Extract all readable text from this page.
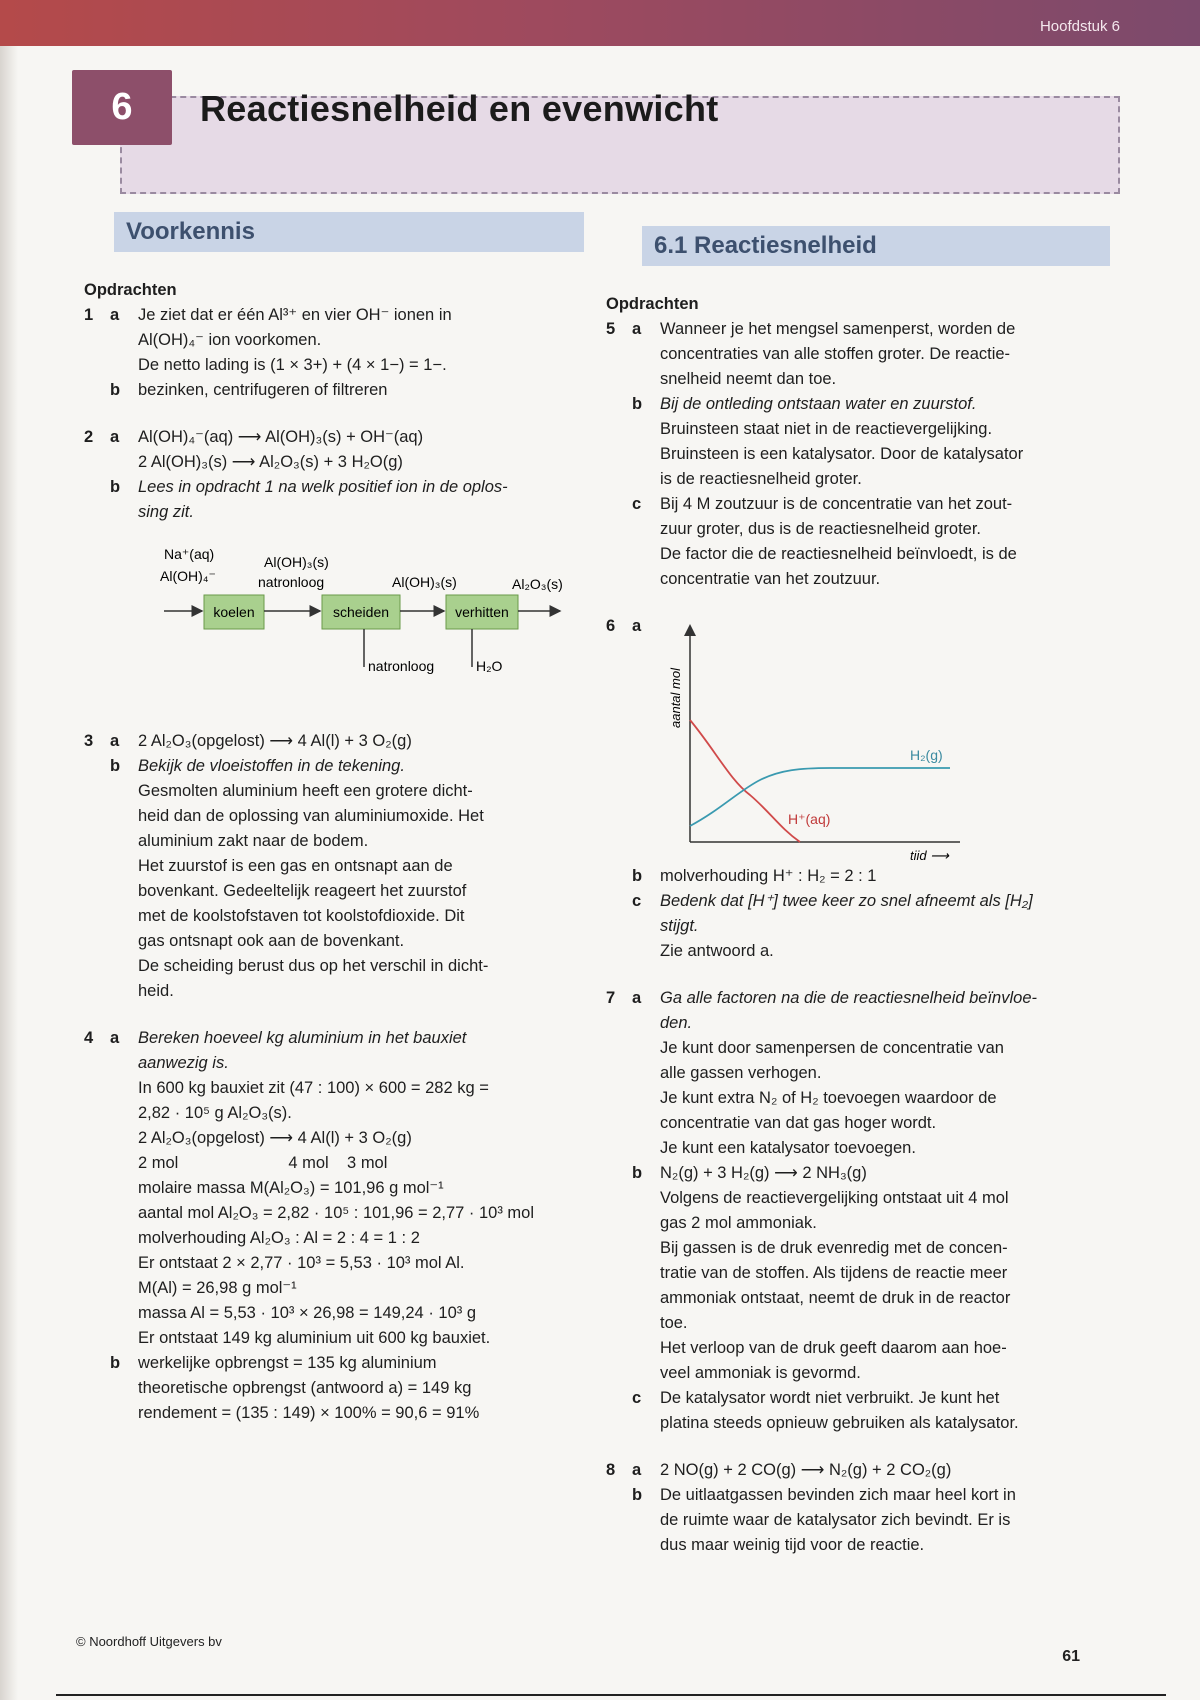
Hoofdstuk 6
6	Reactiesnelheid en evenwicht
Voorkennis
6.1 Reactiesnelheid
Opdrachten
1	a	Je ziet dat er één Al³⁺ en vier OH⁻ ionen in

Al(OH)₄⁻ ion voorkomen.

De netto lading is (1 × 3+) + (4 × 1−) = 1−.

b	bezinken, centrifugeren of filtreren

2	a	Al(OH)₄⁻(aq) ⟶ Al(OH)₃(s) + OH⁻(aq)

2 Al(OH)₃(s) ⟶ Al₂O₃(s) + 3 H₂O(g)

b	Lees in opdracht 1 na welk positief ion in de oplos-

sing zit.

Na⁺(aq)
Al(OH)₄⁻
Al(OH)₃(s)
natronloog	Al(OH)₃(s)	Al₂O₃(s)
koelen	scheiden	verhitten
natronloog	H₂O
3	a	2 Al₂O₃(opgelost) ⟶ 4 Al(l) + 3 O₂(g)

b	Bekijk de vloeistoffen in de tekening.

Gesmolten aluminium heeft een grotere dicht-

heid dan de oplossing van aluminiumoxide. Het

aluminium zakt naar de bodem.

Het zuurstof is een gas en ontsnapt aan de

bovenkant. Gedeeltelijk reageert het zuurstof

met de koolstofstaven tot koolstofdioxide. Dit

gas ontsnapt ook aan de bovenkant.

De scheiding berust dus op het verschil in dicht-

heid.

4	a	Bereken hoeveel kg aluminium in het bauxiet

aanwezig is.

In 600 kg bauxiet zit (47 : 100) × 600 = 282 kg =

2,82 · 10⁵ g Al₂O₃(s).

2 Al₂O₃(opgelost) ⟶ 4 Al(l) + 3 O₂(g)

2 mol                        4 mol    3 mol

molaire massa M(Al₂O₃) = 101,96 g mol⁻¹

aantal mol Al₂O₃ = 2,82 · 10⁵ : 101,96 = 2,77 · 10³ mol

molverhouding Al₂O₃ : Al = 2 : 4 = 1 : 2

Er ontstaat 2 × 2,77 · 10³ = 5,53 · 10³ mol Al.

M(Al) = 26,98 g mol⁻¹

massa Al = 5,53 · 10³ × 26,98 = 149,24 · 10³ g

Er ontstaat 149 kg aluminium uit 600 kg bauxiet.

b	werkelijke opbrengst = 135 kg aluminium

theoretische opbrengst (antwoord a) = 149 kg

rendement = (135 : 149) × 100% = 90,6 = 91%

Opdrachten
5	a	Wanneer je het mengsel samenperst, worden de

concentraties van alle stoffen groter. De reactie-

snelheid neemt dan toe.

b	Bij de ontleding ontstaan water en zuurstof.

Bruinsteen staat niet in de reactievergelijking.

Bruinsteen is een katalysator. Door de katalysator

is de reactiesnelheid groter.

c	Bij 4 M zoutzuur is de concentratie van het zout-

zuur groter, dus is de reactiesnelheid groter.

De factor die de reactiesnelheid beïnvloedt, is de

concentratie van het zoutzuur.

6	a
aantal mol
tijd ⟶
H₂(g)
H⁺(aq)
b	molverhouding H⁺ : H₂ = 2 : 1

c	Bedenk dat [H⁺] twee keer zo snel afneemt als [H₂]

stijgt.

Zie antwoord a.

7	a	Ga alle factoren na die de reactiesnelheid beïnvloe-

den.

Je kunt door samenpersen de concentratie van

alle gassen verhogen.

Je kunt extra N₂ of H₂ toevoegen waardoor de

concentratie van dat gas hoger wordt.

Je kunt een katalysator toevoegen.

b	N₂(g) + 3 H₂(g) ⟶ 2 NH₃(g)

Volgens de reactievergelijking ontstaat uit 4 mol

gas 2 mol ammoniak.

Bij gassen is de druk evenredig met de concen-

tratie van de stoffen. Als tijdens de reactie meer

ammoniak ontstaat, neemt de druk in de reactor

toe.

Het verloop van de druk geeft daarom aan hoe-

veel ammoniak is gevormd.

c	De katalysator wordt niet verbruikt. Je kunt het

platina steeds opnieuw gebruiken als katalysator.

8	a	2 NO(g) + 2 CO(g) ⟶ N₂(g) + 2 CO₂(g)

b	De uitlaatgassen bevinden zich maar heel kort in

de ruimte waar de katalysator zich bevindt. Er is

dus maar weinig tijd voor de reactie.

© Noordhoff Uitgevers bv
61
